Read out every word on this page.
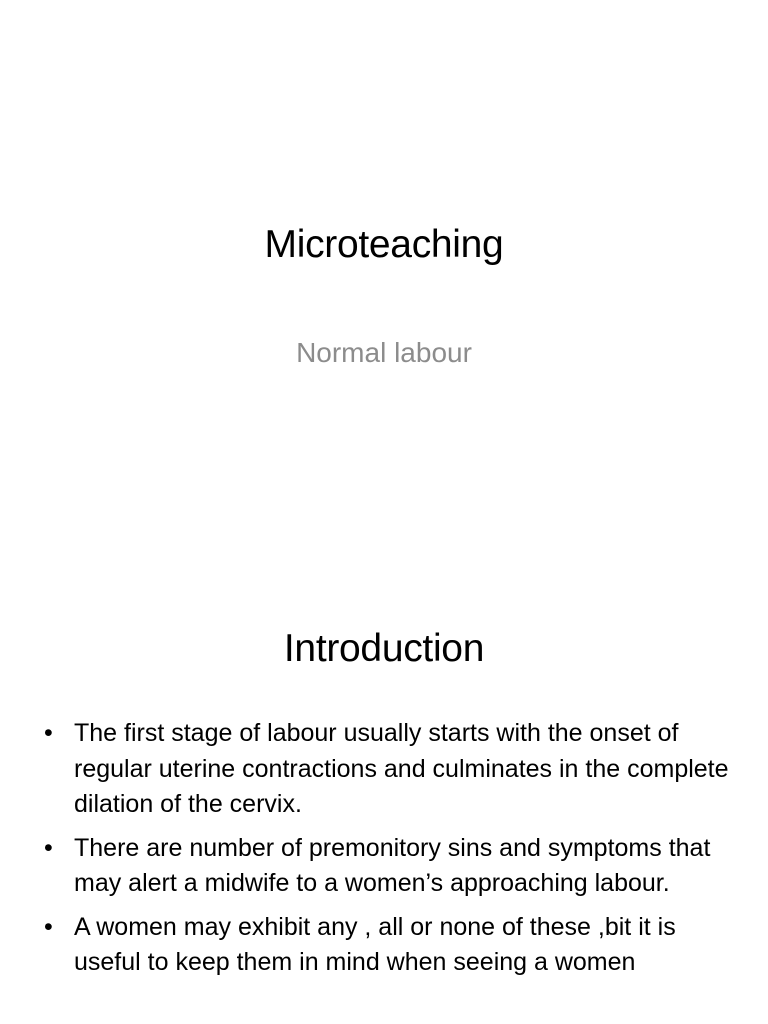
Microteaching
Normal labour
Introduction
• The first stage of labour usually starts with the onset of regular uterine contractions and culminates in the complete dilation of the cervix.
• There are number of premonitory sins and symptoms that may alert a midwife to a women’s approaching labour.
• A women may exhibit any , all or none of these ,bit it is useful to keep them in mind when seeing a women
